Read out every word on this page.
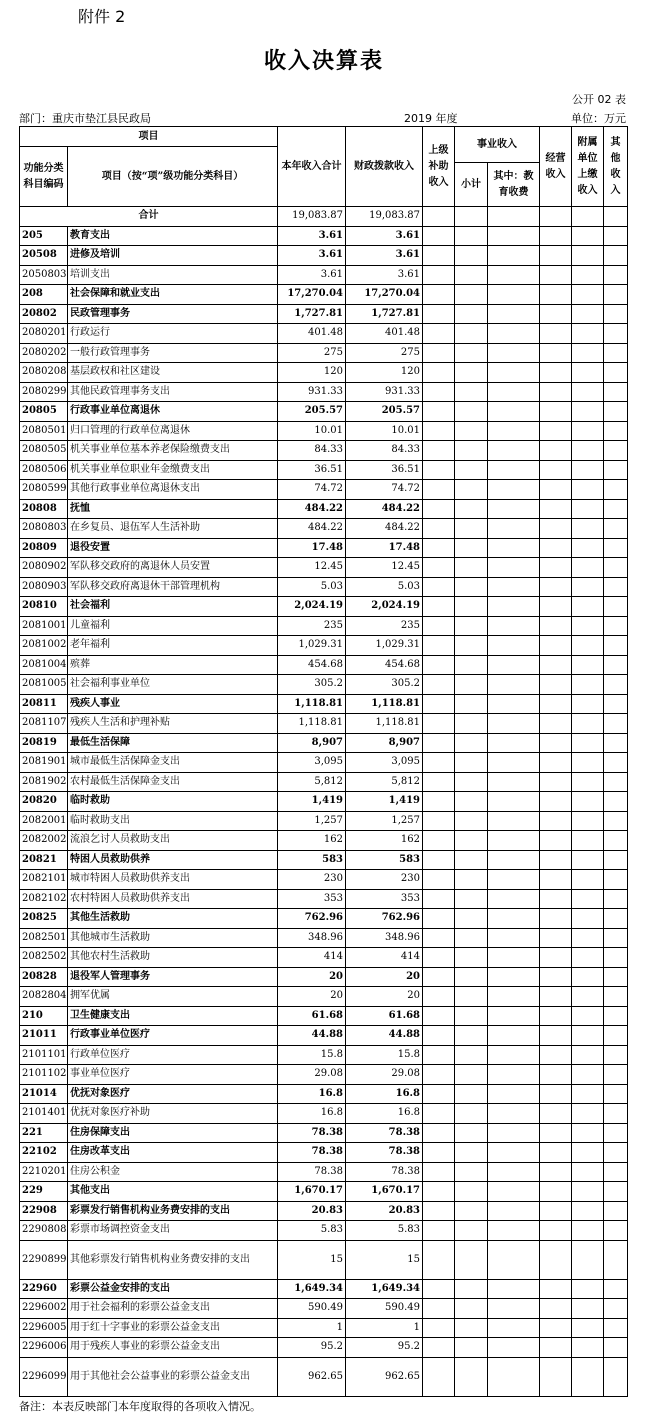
附件 2
收入决算表
公开 02 表
部门：重庆市垫江县民政局	2019 年度	单位：万元
项目		本年收入合计	财政拨款收入	上级补助收入	事业收入		经营收入	附属单位上缴收入	其他收入
功能分类科目编码	项目（按“项”级功能分类科目）								
					小计	其中：教育收费			
合计		19,083.87	19,083.87						
205	教育支出	3.61	3.61						
20508	进修及培训	3.61	3.61						
2050803	培训支出	3.61	3.61						
208	社会保障和就业支出	17,270.04	17,270.04						
20802	民政管理事务	1,727.81	1,727.81						
2080201	行政运行	401.48	401.48						
2080202	一般行政管理事务	275	275						
2080208	基层政权和社区建设	120	120						
2080299	其他民政管理事务支出	931.33	931.33						
20805	行政事业单位离退休	205.57	205.57						
2080501	归口管理的行政单位离退休	10.01	10.01						
2080505	机关事业单位基本养老保险缴费支出	84.33	84.33						
2080506	机关事业单位职业年金缴费支出	36.51	36.51						
2080599	其他行政事业单位离退休支出	74.72	74.72						
20808	抚恤	484.22	484.22						
2080803	在乡复员、退伍军人生活补助	484.22	484.22						
20809	退役安置	17.48	17.48						
2080902	军队移交政府的离退休人员安置	12.45	12.45						
2080903	军队移交政府离退休干部管理机构	5.03	5.03						
20810	社会福利	2,024.19	2,024.19						
2081001	儿童福利	235	235						
2081002	老年福利	1,029.31	1,029.31						
2081004	殡葬	454.68	454.68						
2081005	社会福利事业单位	305.2	305.2						
20811	残疾人事业	1,118.81	1,118.81						
2081107	残疾人生活和护理补贴	1,118.81	1,118.81						
20819	最低生活保障	8,907	8,907						
2081901	城市最低生活保障金支出	3,095	3,095						
2081902	农村最低生活保障金支出	5,812	5,812						
20820	临时救助	1,419	1,419						
2082001	临时救助支出	1,257	1,257						
2082002	流浪乞讨人员救助支出	162	162						
20821	特困人员救助供养	583	583						
2082101	城市特困人员救助供养支出	230	230						
2082102	农村特困人员救助供养支出	353	353						
20825	其他生活救助	762.96	762.96						
2082501	其他城市生活救助	348.96	348.96						
2082502	其他农村生活救助	414	414						
20828	退役军人管理事务	20	20						
2082804	拥军优属	20	20						
210	卫生健康支出	61.68	61.68						
21011	行政事业单位医疗	44.88	44.88						
2101101	行政单位医疗	15.8	15.8						
2101102	事业单位医疗	29.08	29.08						
21014	优抚对象医疗	16.8	16.8						
2101401	优抚对象医疗补助	16.8	16.8						
221	住房保障支出	78.38	78.38						
22102	住房改革支出	78.38	78.38						
2210201	住房公积金	78.38	78.38						
229	其他支出	1,670.17	1,670.17						
22908	彩票发行销售机构业务费安排的支出	20.83	20.83						
2290808	彩票市场调控资金支出	5.83	5.83						
2290899	其他彩票发行销售机构业务费安排的支出	15	15						
22960	彩票公益金安排的支出	1,649.34	1,649.34						
2296002	用于社会福利的彩票公益金支出	590.49	590.49						
2296005	用于红十字事业的彩票公益金支出	1	1						
2296006	用于残疾人事业的彩票公益金支出	95.2	95.2						
2296099	用于其他社会公益事业的彩票公益金支出	962.65	962.65						
备注：本表反映部门本年度取得的各项收入情况。
